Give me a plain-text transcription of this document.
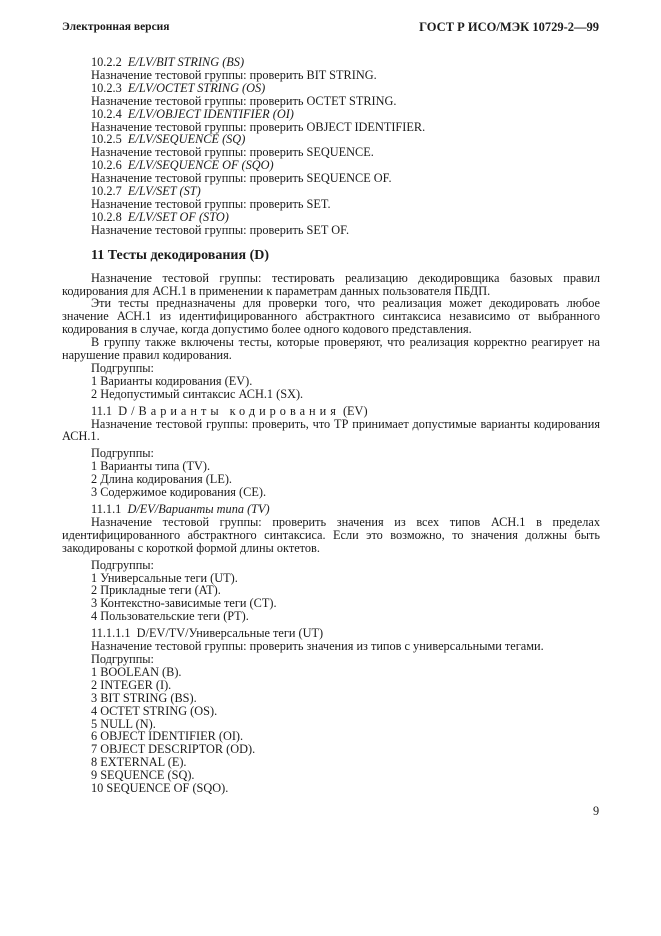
Электронная версия	ГОСТ Р ИСО/МЭК 10729-2—99
10.2.2 E/LV/BIT STRING (BS)
Назначение тестовой группы: проверить BIT STRING.
10.2.3 E/LV/OCTET STRING (OS)
Назначение тестовой группы: проверить OCTET STRING.
10.2.4 E/LV/OBJECT IDENTIFIER (OI)
Назначение тестовой группы: проверить OBJECT IDENTIFIER.
10.2.5 E/LV/SEQUENCE (SQ)
Назначение тестовой группы: проверить SEQUENCE.
10.2.6 E/LV/SEQUENCE OF (SQO)
Назначение тестовой группы: проверить SEQUENCE OF.
10.2.7 E/LV/SET (ST)
Назначение тестовой группы: проверить SET.
10.2.8 E/LV/SET OF (STO)
Назначение тестовой группы: проверить SET OF.
11 Тесты декодирования (D)
Назначение тестовой группы: тестировать реализацию декодировщика базовых правил кодирования для АСН.1 в применении к параметрам данных пользователя ПБДП.
Эти тесты предназначены для проверки того, что реализация может декодировать любое значение АСН.1 из идентифицированного абстрактного синтаксиса независимо от выбранного кодирования в случае, когда допустимо более одного кодового представления.
В группу также включены тесты, которые проверяют, что реализация корректно реагирует на нарушение правил кодирования.
Подгруппы:
1 Варианты кодирования (EV).
2 Недопустимый синтаксис АСН.1 (SX).
11.1 D/Варианты кодирования (EV)
Назначение тестовой группы: проверить, что ТР принимает допустимые варианты кодирования АСН.1.
Подгруппы:
1 Варианты типа (TV).
2 Длина кодирования (LE).
3 Содержимое кодирования (CE).
11.1.1 D/EV/Варианты типа (TV)
Назначение тестовой группы: проверить значения из всех типов АСН.1 в пределах идентифицированного абстрактного синтаксиса. Если это возможно, то значения должны быть закодированы с короткой формой длины октетов.
Подгруппы:
1 Универсальные теги (UT).
2 Прикладные теги (AT).
3 Контекстно-зависимые теги (CT).
4 Пользовательские теги (PT).
11.1.1.1 D/EV/TV/Универсальные теги (UT)
Назначение тестовой группы: проверить значения из типов с универсальными тегами.
Подгруппы:
1 BOOLEAN (B).
2 INTEGER (I).
3 BIT STRING (BS).
4 OCTET STRING (OS).
5 NULL (N).
6 OBJECT IDENTIFIER (OI).
7 OBJECT DESCRIPTOR (OD).
8 EXTERNAL (E).
9 SEQUENCE (SQ).
10 SEQUENCE OF (SQO).
9
